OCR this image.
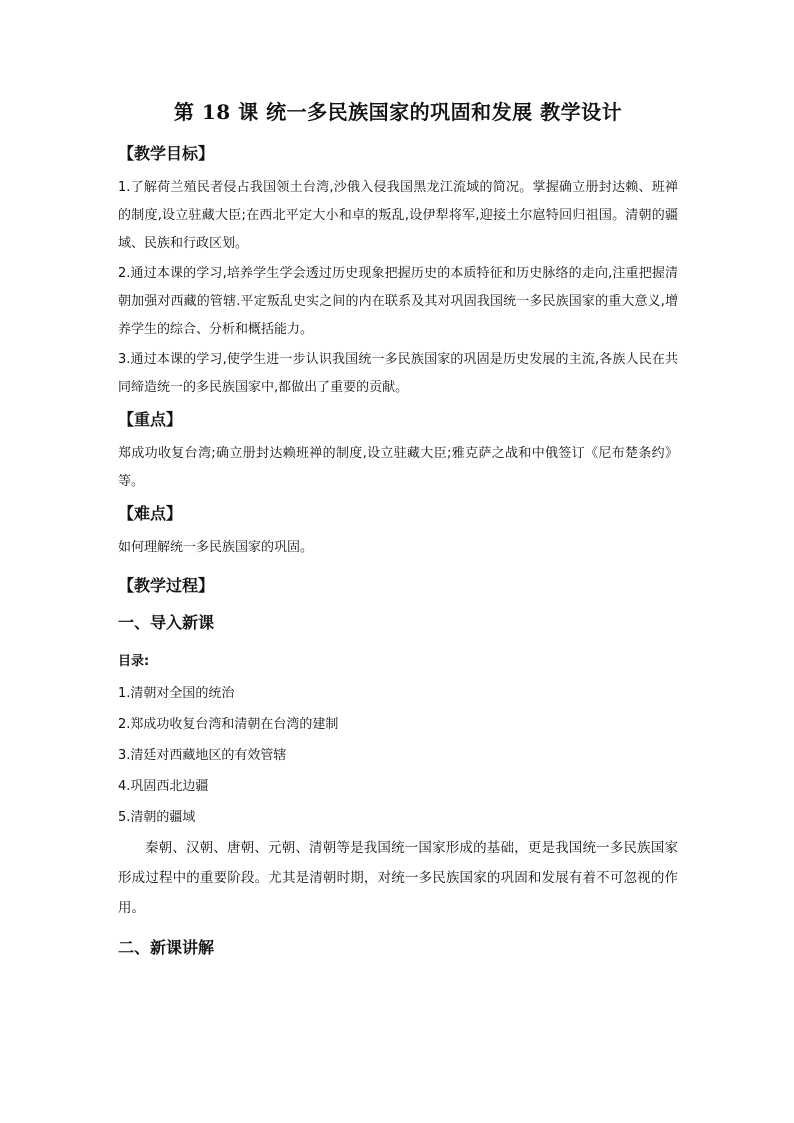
第 18 课 统一多民族国家的巩固和发展 教学设计
【教学目标】

1.了解荷兰殖民者侵占我国领土台湾,沙俄入侵我国黑龙江流域的简况。掌握确立册封达赖、班禅的制度,设立驻藏大臣;在西北平定大小和卓的叛乱,设伊犁将军,迎接土尔扈特回归祖国。清朝的疆域、民族和行政区划。

2.通过本课的学习,培养学生学会透过历史现象把握历史的本质特征和历史脉络的走向,注重把握清朝加强对西藏的管辖.平定叛乱史实之间的内在联系及其对巩固我国统一多民族国家的重大意义,增养学生的综合、分析和概括能力。

3.通过本课的学习,使学生进一步认识我国统一多民族国家的巩固是历史发展的主流,各族人民在共同缔造统一的多民族国家中,都做出了重要的贡献。

【重点】

郑成功收复台湾;确立册封达赖班禅的制度,设立驻藏大臣;雅克萨之战和中俄签订《尼布楚条约》等。

【难点】

如何理解统一多民族国家的巩固。

【教学过程】
一、导入新课

目录:

1.清朝对全国的统治

2.郑成功收复台湾和清朝在台湾的建制

3.清廷对西藏地区的有效管辖

4.巩固西北边疆

5.清朝的疆域

秦朝、汉朝、唐朝、元朝、清朝等是我国统一国家形成的基础，更是我国统一多民族国家形成过程中的重要阶段。尤其是清朝时期，对统一多民族国家的巩固和发展有着不可忽视的作用。

二、新课讲解
